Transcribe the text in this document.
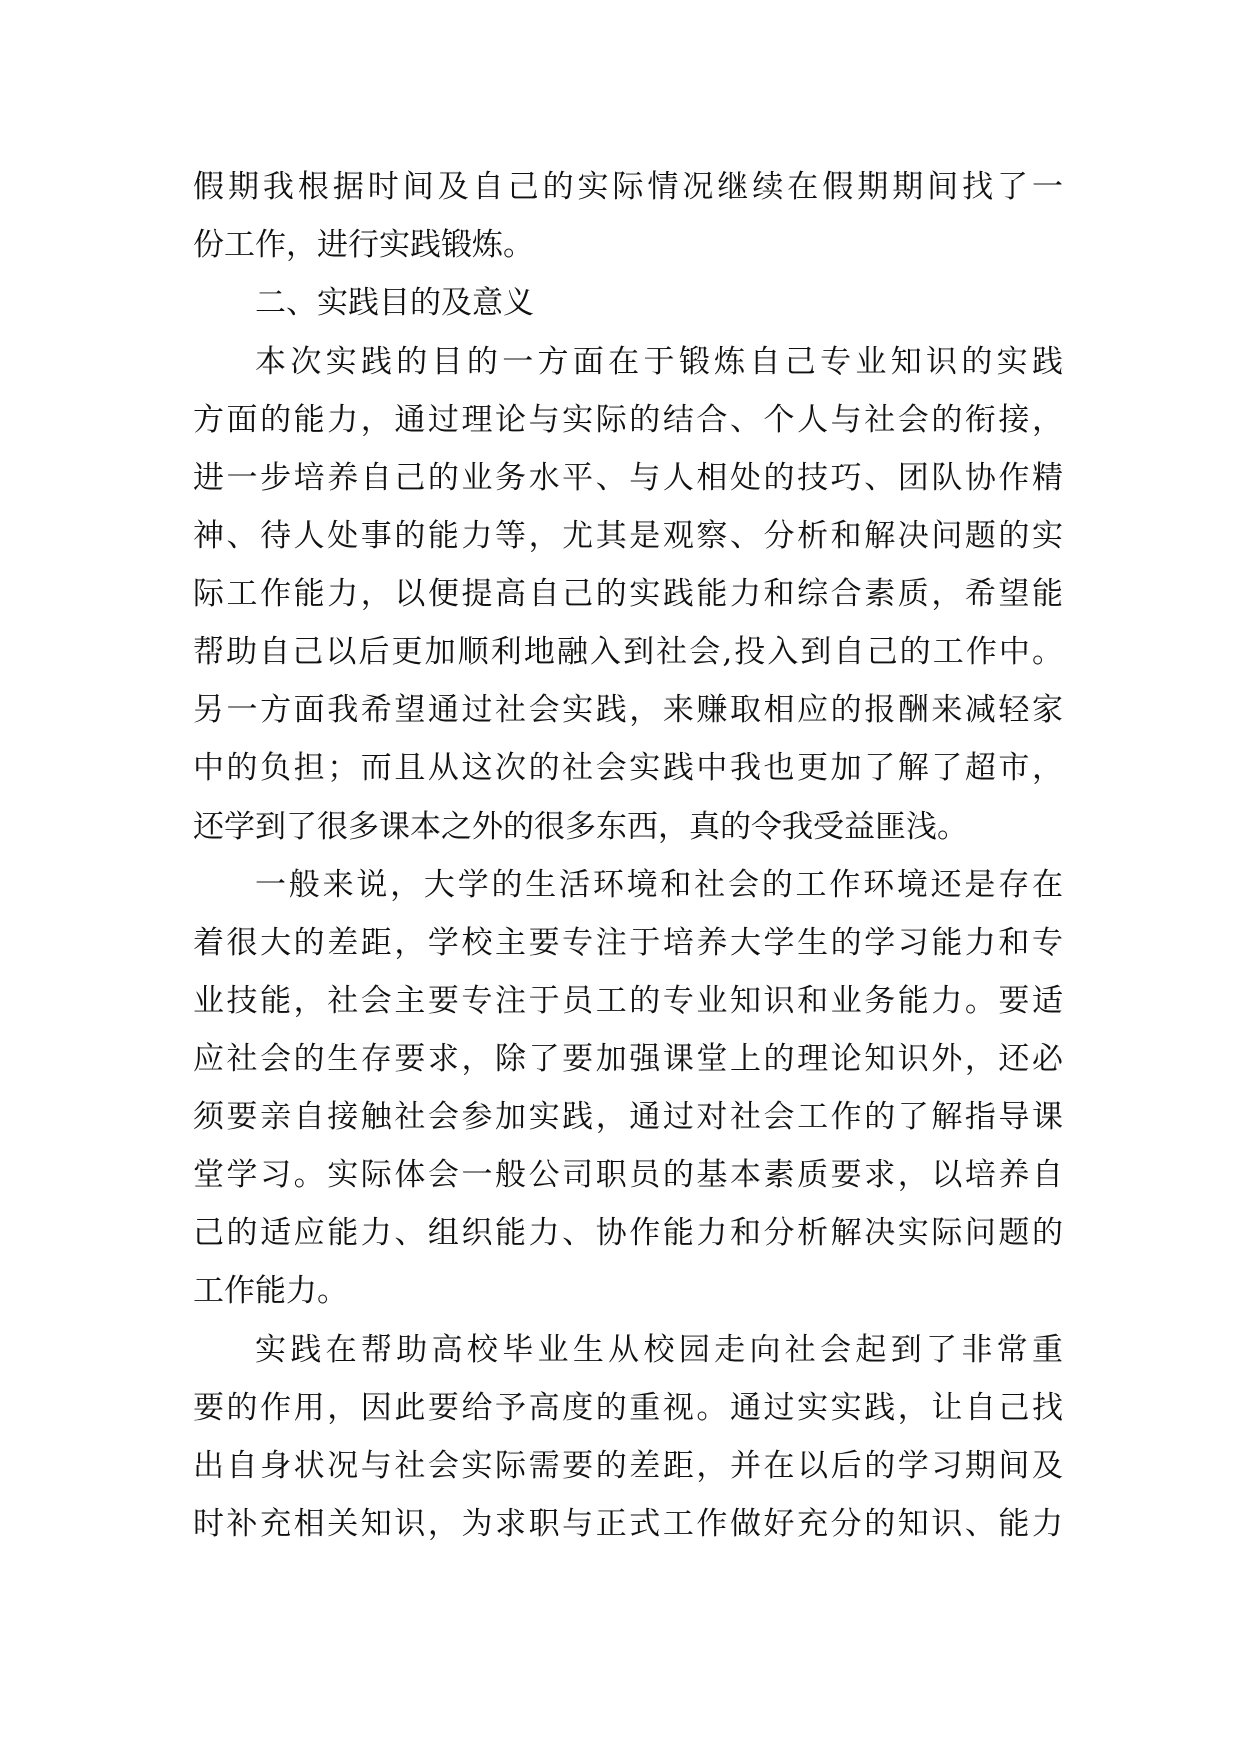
假期我根据时间及自己的实际情况继续在假期期间找了一
份工作，进行实践锻炼。
二、实践目的及意义
本次实践的目的一方面在于锻炼自己专业知识的实践
方面的能力，通过理论与实际的结合、个人与社会的衔接，
进一步培养自己的业务水平、与人相处的技巧、团队协作精
神、待人处事的能力等，尤其是观察、分析和解决问题的实
际工作能力，以便提高自己的实践能力和综合素质，希望能
帮助自己以后更加顺利地融入到社会,投入到自己的工作中。
另一方面我希望通过社会实践，来赚取相应的报酬来减轻家
中的负担；而且从这次的社会实践中我也更加了解了超市，
还学到了很多课本之外的很多东西，真的令我受益匪浅。
一般来说，大学的生活环境和社会的工作环境还是存在
着很大的差距，学校主要专注于培养大学生的学习能力和专
业技能，社会主要专注于员工的专业知识和业务能力。要适
应社会的生存要求，除了要加强课堂上的理论知识外，还必
须要亲自接触社会参加实践，通过对社会工作的了解指导课
堂学习。实际体会一般公司职员的基本素质要求，以培养自
己的适应能力、组织能力、协作能力和分析解决实际问题的
工作能力。
实践在帮助高校毕业生从校园走向社会起到了非常重
要的作用，因此要给予高度的重视。通过实实践，让自己找
出自身状况与社会实际需要的差距，并在以后的学习期间及
时补充相关知识，为求职与正式工作做好充分的知识、能力
